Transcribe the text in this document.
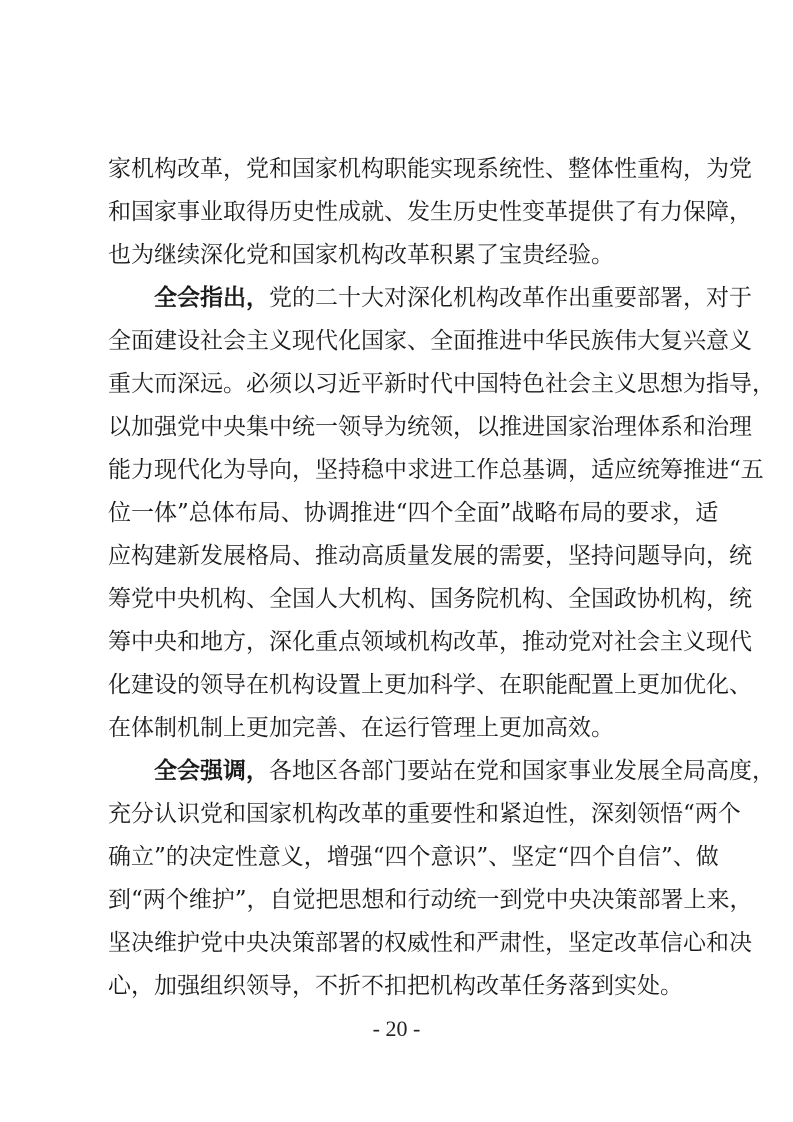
家机构改革，党和国家机构职能实现系统性、整体性重构，为党
和国家事业取得历史性成就、发生历史性变革提供了有力保障，
也为继续深化党和国家机构改革积累了宝贵经验。
全会指出，党的二十大对深化机构改革作出重要部署，对于
全面建设社会主义现代化国家、全面推进中华民族伟大复兴意义
重大而深远。必须以习近平新时代中国特色社会主义思想为指导，
以加强党中央集中统一领导为统领，以推进国家治理体系和治理
能力现代化为导向，坚持稳中求进工作总基调，适应统筹推进“五
位一体”总体布局、协调推进“四个全面”战略布局的要求，适
应构建新发展格局、推动高质量发展的需要，坚持问题导向，统
筹党中央机构、全国人大机构、国务院机构、全国政协机构，统
筹中央和地方，深化重点领域机构改革，推动党对社会主义现代
化建设的领导在机构设置上更加科学、在职能配置上更加优化、
在体制机制上更加完善、在运行管理上更加高效。
全会强调，各地区各部门要站在党和国家事业发展全局高度，
充分认识党和国家机构改革的重要性和紧迫性，深刻领悟“两个
确立”的决定性意义，增强“四个意识”、坚定“四个自信”、做
到“两个维护”，自觉把思想和行动统一到党中央决策部署上来，
坚决维护党中央决策部署的权威性和严肃性，坚定改革信心和决
心，加强组织领导，不折不扣把机构改革任务落到实处。
- 20 -
